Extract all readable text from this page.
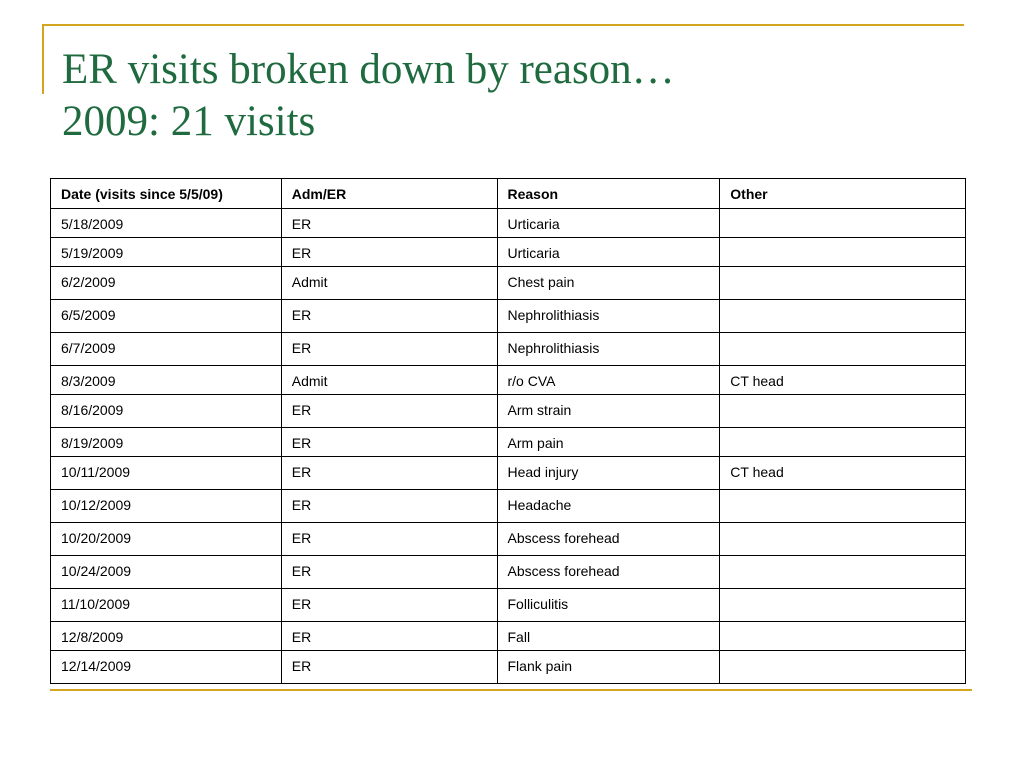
ER visits broken down by reason…
2009: 21 visits
Date (visits since 5/5/09)	Adm/ER	Reason	Other
5/18/2009	ER	Urticaria	
5/19/2009	ER	Urticaria	
6/2/2009	Admit	Chest pain	
6/5/2009	ER	Nephrolithiasis	
6/7/2009	ER	Nephrolithiasis	
8/3/2009	Admit	r/o CVA	CT head
8/16/2009	ER	Arm strain	
8/19/2009	ER	Arm pain	
10/11/2009	ER	Head injury	CT head
10/12/2009	ER	Headache	
10/20/2009	ER	Abscess forehead	
10/24/2009	ER	Abscess forehead	
11/10/2009	ER	Folliculitis	
12/8/2009	ER	Fall	
12/14/2009	ER	Flank pain	
